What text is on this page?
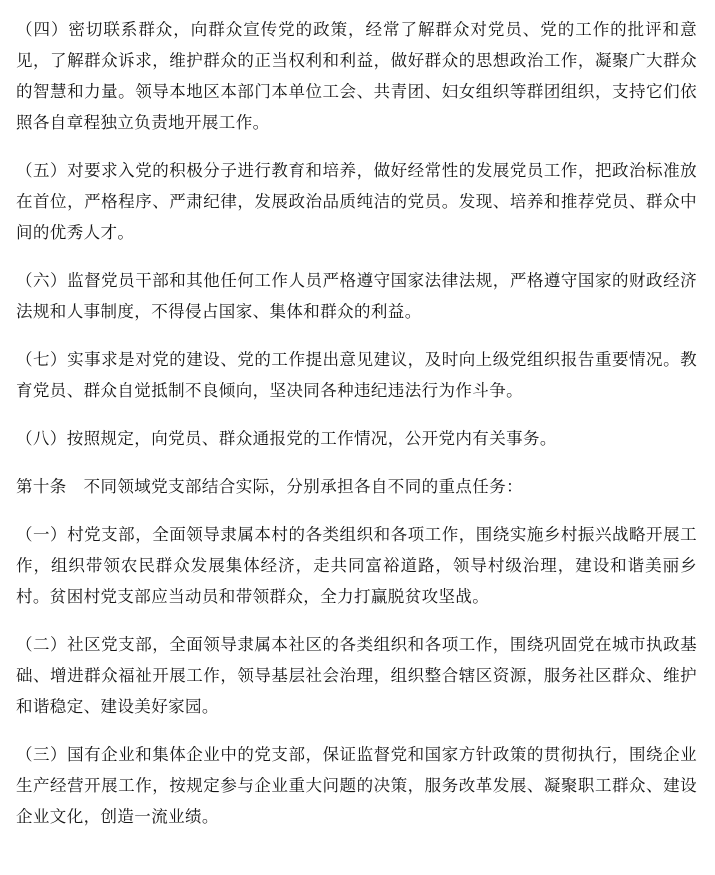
（四）密切联系群众，向群众宣传党的政策，经常了解群众对党员、党的工作的批评和意见，了解群众诉求，维护群众的正当权利和利益，做好群众的思想政治工作，凝聚广大群众的智慧和力量。领导本地区本部门本单位工会、共青团、妇女组织等群团组织，支持它们依照各自章程独立负责地开展工作。

（五）对要求入党的积极分子进行教育和培养，做好经常性的发展党员工作，把政治标准放在首位，严格程序、严肃纪律，发展政治品质纯洁的党员。发现、培养和推荐党员、群众中间的优秀人才。

（六）监督党员干部和其他任何工作人员严格遵守国家法律法规，严格遵守国家的财政经济法规和人事制度，不得侵占国家、集体和群众的利益。

（七）实事求是对党的建设、党的工作提出意见建议，及时向上级党组织报告重要情况。教育党员、群众自觉抵制不良倾向，坚决同各种违纪违法行为作斗争。

（八）按照规定，向党员、群众通报党的工作情况，公开党内有关事务。

第十条　不同领域党支部结合实际，分别承担各自不同的重点任务：

（一）村党支部，全面领导隶属本村的各类组织和各项工作，围绕实施乡村振兴战略开展工作，组织带领农民群众发展集体经济，走共同富裕道路，领导村级治理，建设和谐美丽乡村。贫困村党支部应当动员和带领群众，全力打赢脱贫攻坚战。

（二）社区党支部，全面领导隶属本社区的各类组织和各项工作，围绕巩固党在城市执政基础、增进群众福祉开展工作，领导基层社会治理，组织整合辖区资源，服务社区群众、维护和谐稳定、建设美好家园。

（三）国有企业和集体企业中的党支部，保证监督党和国家方针政策的贯彻执行，围绕企业生产经营开展工作，按规定参与企业重大问题的决策，服务改革发展、凝聚职工群众、建设企业文化，创造一流业绩。
